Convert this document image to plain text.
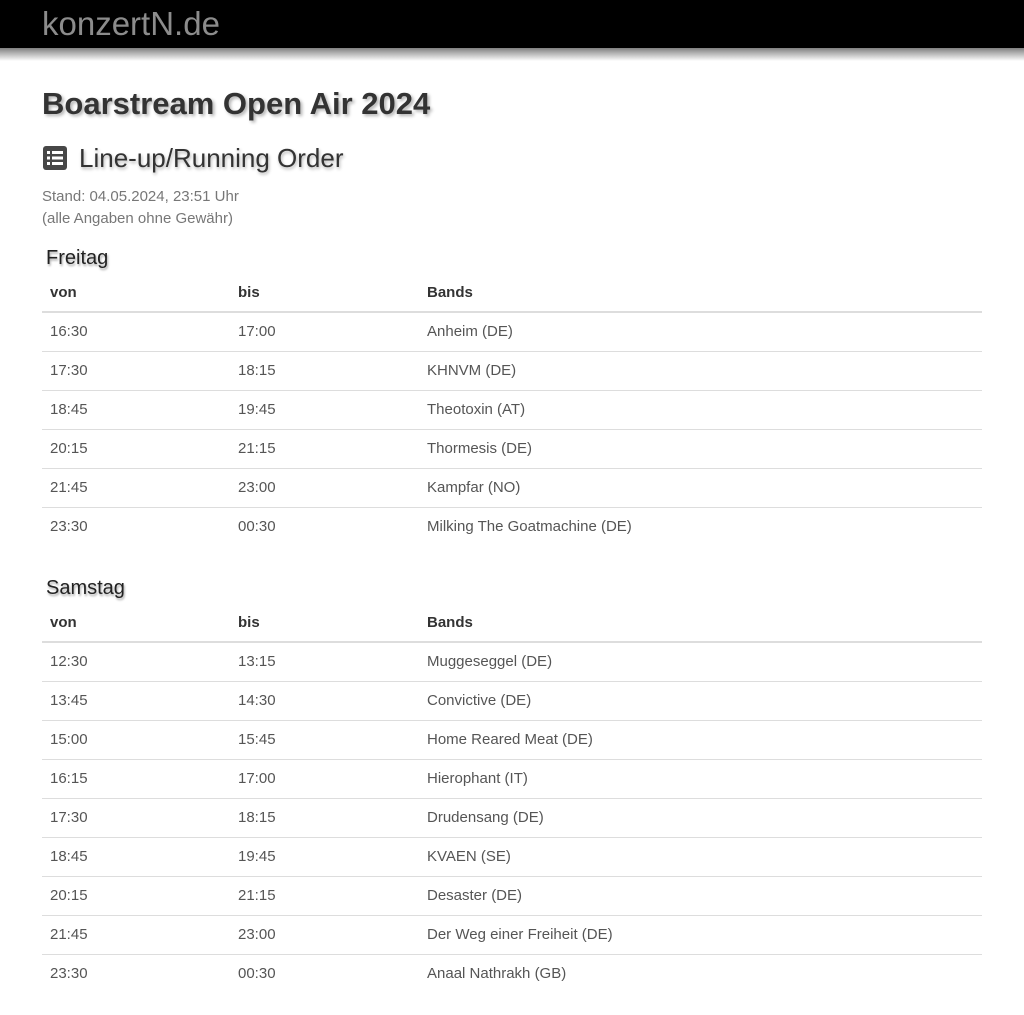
konzertN.de
Boarstream Open Air 2024
Line-up/Running Order
Stand: 04.05.2024, 23:51 Uhr
(alle Angaben ohne Gewähr)
Freitag
von	bis	Bands
16:30	17:00	Anheim (DE)
17:30	18:15	KHNVM (DE)
18:45	19:45	Theotoxin (AT)
20:15	21:15	Thormesis (DE)
21:45	23:00	Kampfar (NO)
23:30	00:30	Milking The Goatmachine (DE)
Samstag
von	bis	Bands
12:30	13:15	Muggeseggel (DE)
13:45	14:30	Convictive (DE)
15:00	15:45	Home Reared Meat (DE)
16:15	17:00	Hierophant (IT)
17:30	18:15	Drudensang (DE)
18:45	19:45	KVAEN (SE)
20:15	21:15	Desaster (DE)
21:45	23:00	Der Weg einer Freiheit (DE)
23:30	00:30	Anaal Nathrakh (GB)
